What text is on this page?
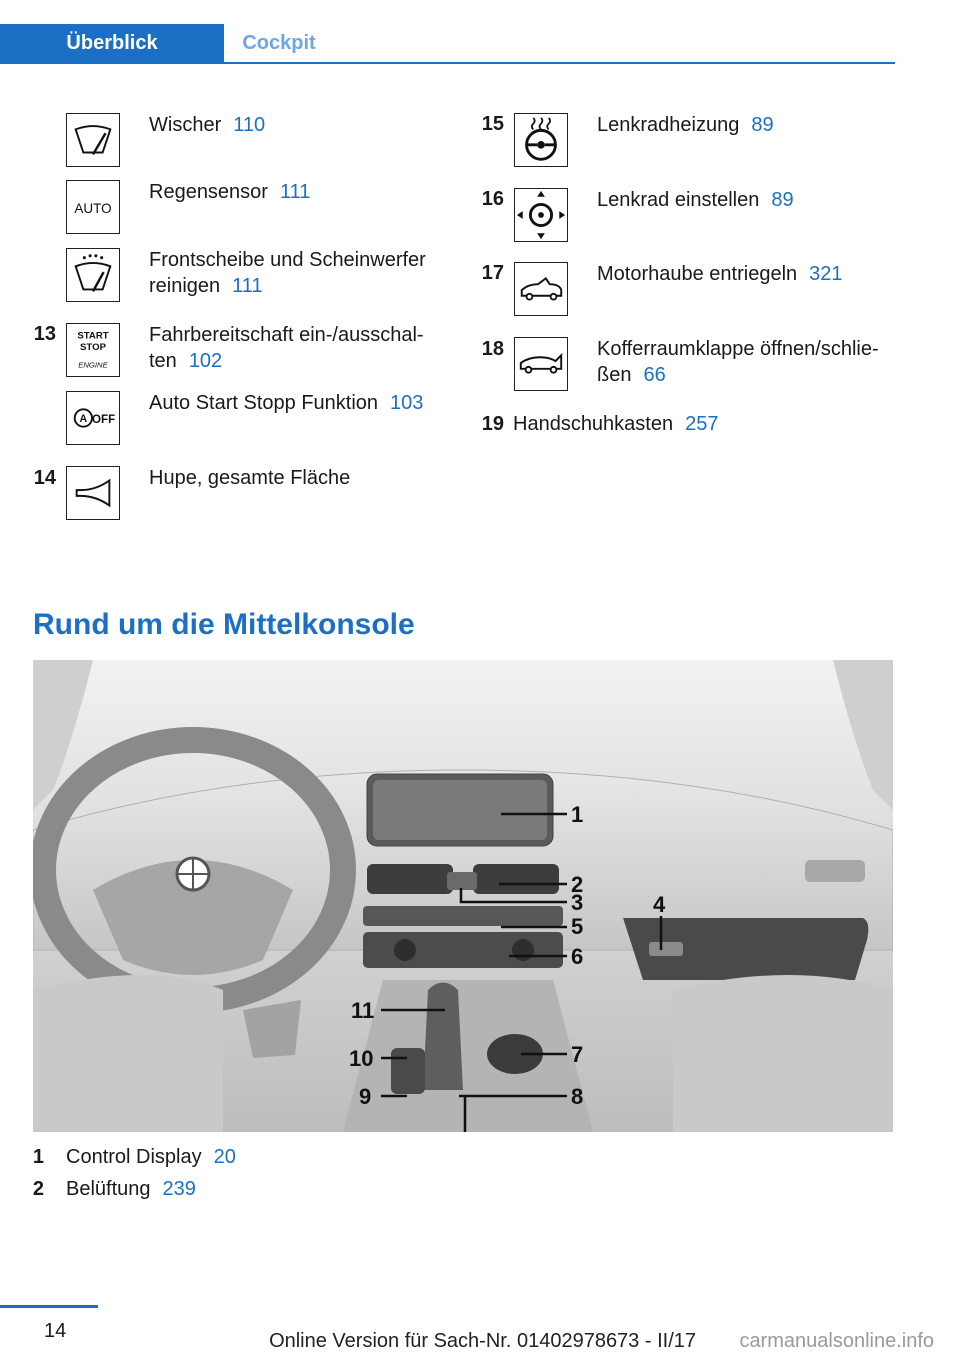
Überblick	Cockpit
Wischer 110
AUTO
Regensensor 111
Frontscheibe und Scheinwerfer
reinigen 111
13 START
STOP
ENGINE
Fahrbereitschaft ein-/ausschal-
ten 102
A OFF
Auto Start Stopp Funktion 103
14	Hupe, gesamte Fläche
15	Lenkradheizung 89
16	Lenkrad einstellen 89
17	Motorhaube entriegeln 321
18	Kofferraumklappe öffnen/schlie-
ßen 66
19 Handschuhkasten 257
Rund um die Mittelkonsole
1
2
3	4
5
6
7
8
9
10
11
1 Control Display 20
2 Belüftung 239
14	Online Version für Sach-Nr. 01402978673 - II/17 carmanualsonline.info
